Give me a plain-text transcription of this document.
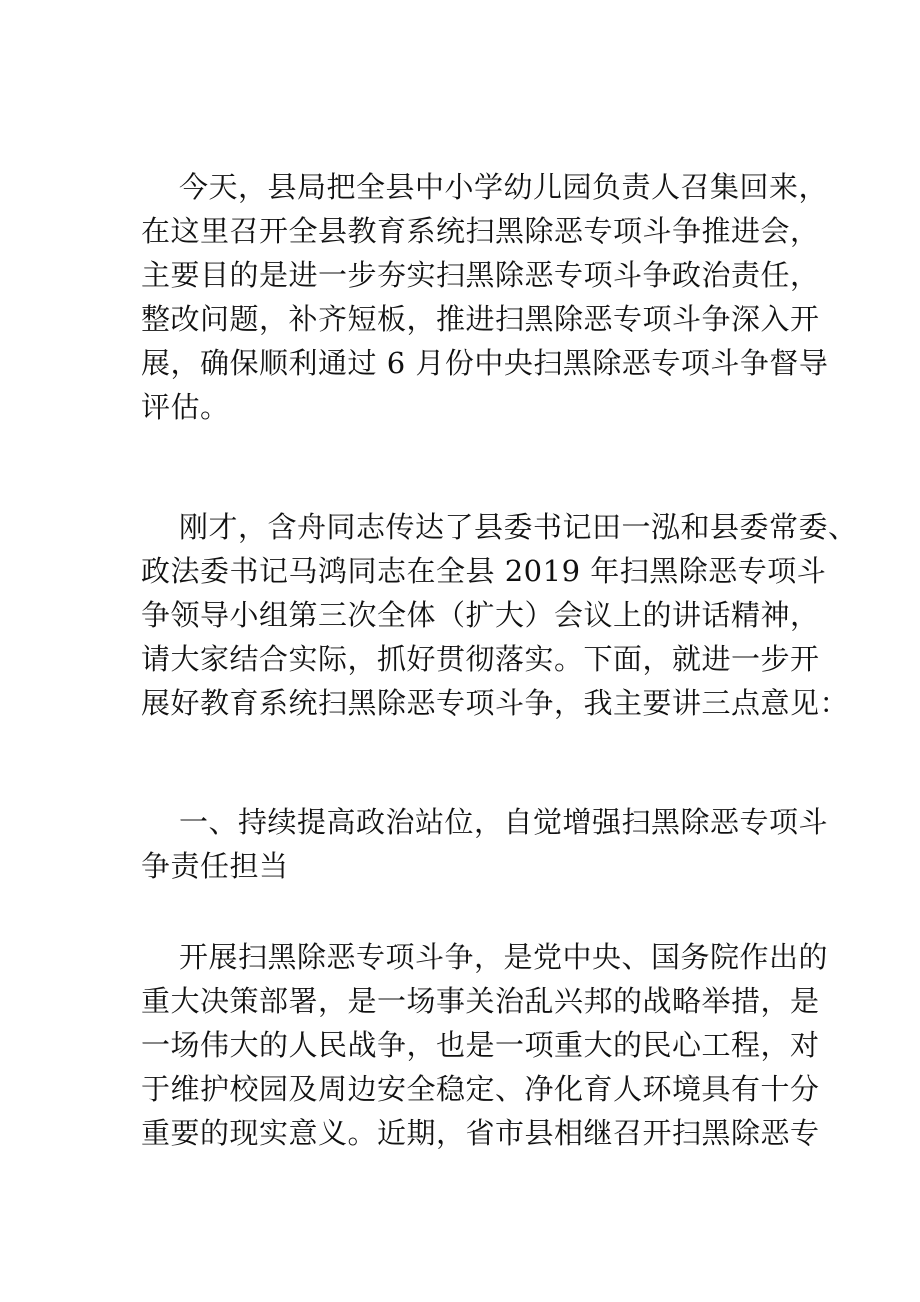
今天，县局把全县中小学幼儿园负责人召集回来，
在这里召开全县教育系统扫黑除恶专项斗争推进会，
主要目的是进一步夯实扫黑除恶专项斗争政治责任，
整改问题，补齐短板，推进扫黑除恶专项斗争深入开
展，确保顺利通过 6 月份中央扫黑除恶专项斗争督导
评估。
刚才，含舟同志传达了县委书记田一泓和县委常委、
政法委书记马鸿同志在全县 2019 年扫黑除恶专项斗
争领导小组第三次全体（扩大）会议上的讲话精神，
请大家结合实际，抓好贯彻落实。下面，就进一步开
展好教育系统扫黑除恶专项斗争，我主要讲三点意见：
一、持续提高政治站位，自觉增强扫黑除恶专项斗
争责任担当
开展扫黑除恶专项斗争，是党中央、国务院作出的
重大决策部署，是一场事关治乱兴邦的战略举措，是
一场伟大的人民战争，也是一项重大的民心工程，对
于维护校园及周边安全稳定、净化育人环境具有十分
重要的现实意义。近期，省市县相继召开扫黑除恶专
